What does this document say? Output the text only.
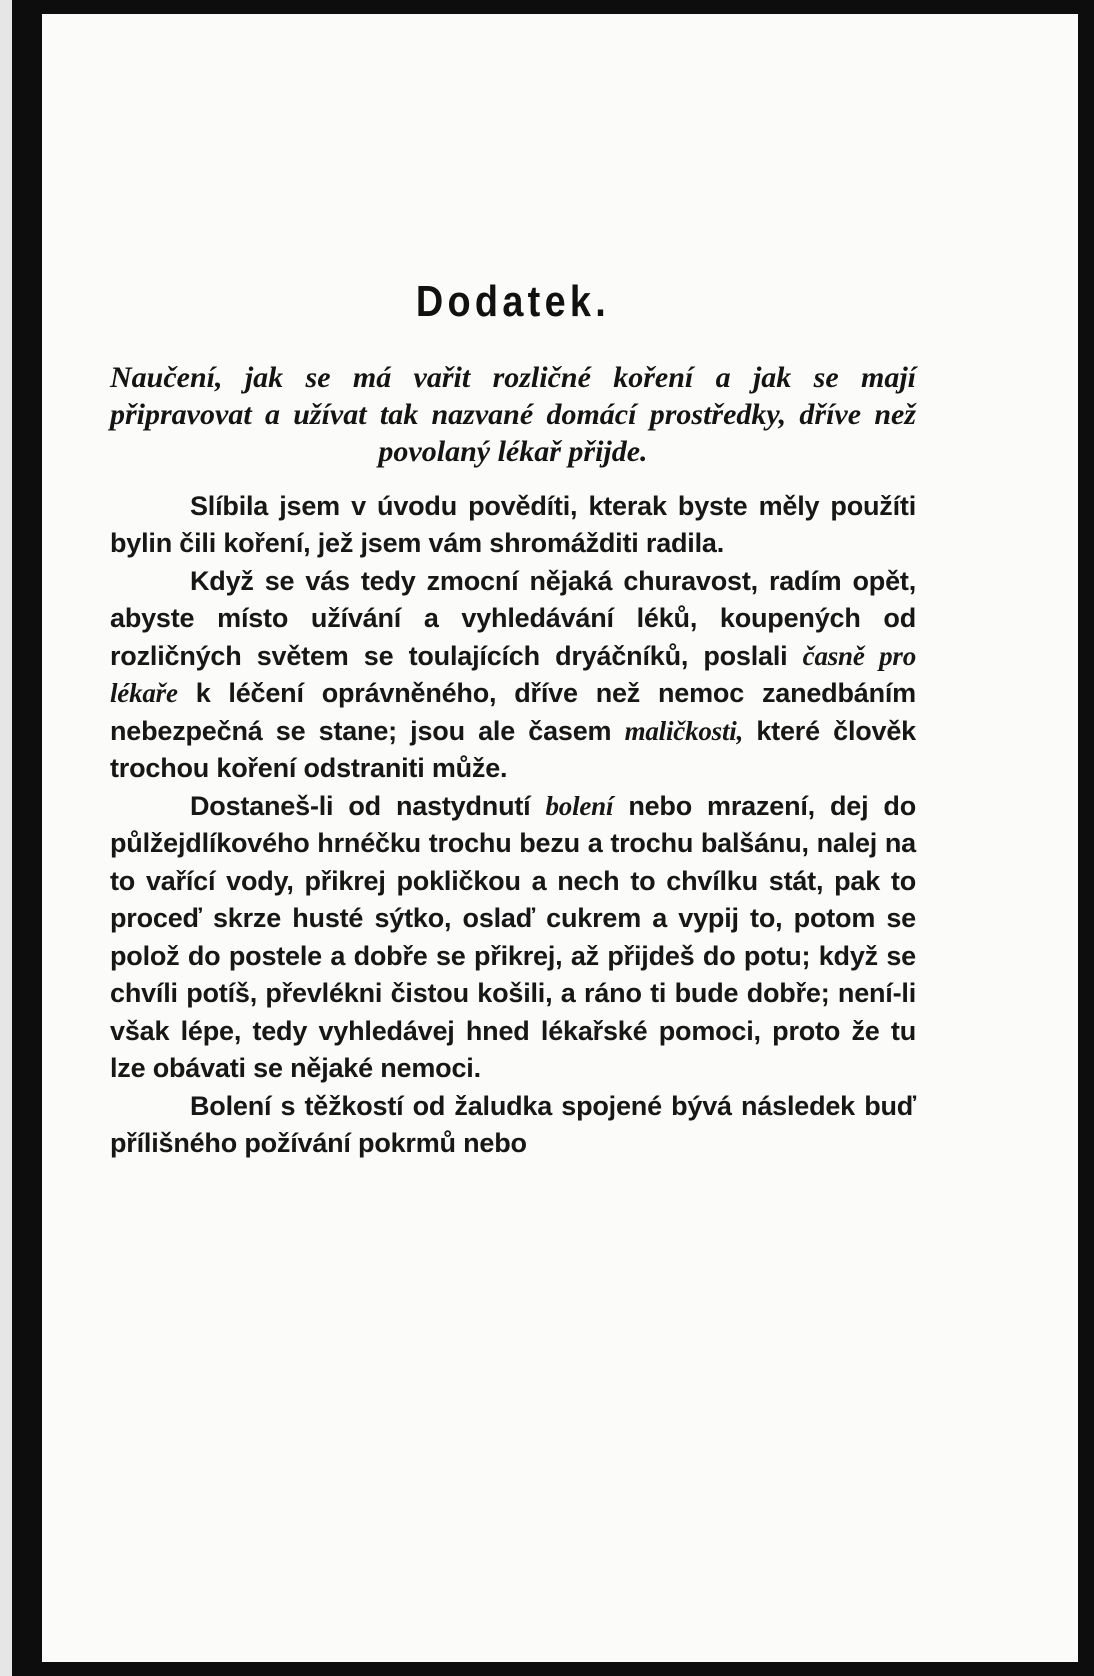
Dodatek.

Naučení, jak se má vařit rozličné koření a jak se mají připravovat a užívat tak nazvané domácí prostředky, dříve než povolaný lékař přijde.

Slíbila jsem v úvodu povědíti, kterak byste měly použíti bylin čili koření, jež jsem vám shromážditi radila.

Když se vás tedy zmocní nějaká churavost, radím opět, abyste místo užívání a vyhledávání léků, koupených od rozličných světem se toulajících dryáčníků, poslali časně pro lékaře k léčení oprávněného, dříve než nemoc zanedbáním nebezpečná se stane; jsou ale časem maličkosti, které člověk trochou koření odstraniti může.

Dostaneš-li od nastydnutí bolení nebo mrazení, dej do půlžejdlíkového hrnéčku trochu bezu a trochu balšánu, nalej na to vařící vody, přikrej pokličkou a nech to chvílku stát, pak to proceď skrze husté sýtko, oslaď cukrem a vypij to, potom se polož do postele a dobře se přikrej, až přijdeš do potu; když se chvíli potíš, převlékni čistou košili, a ráno ti bude dobře; není-li však lépe, tedy vyhledávej hned lékařské pomoci, proto že tu lze obávati se nějaké nemoci.

Bolení s těžkostí od žaludka spojené bývá následek buď přílišného požívání pokrmů nebo
